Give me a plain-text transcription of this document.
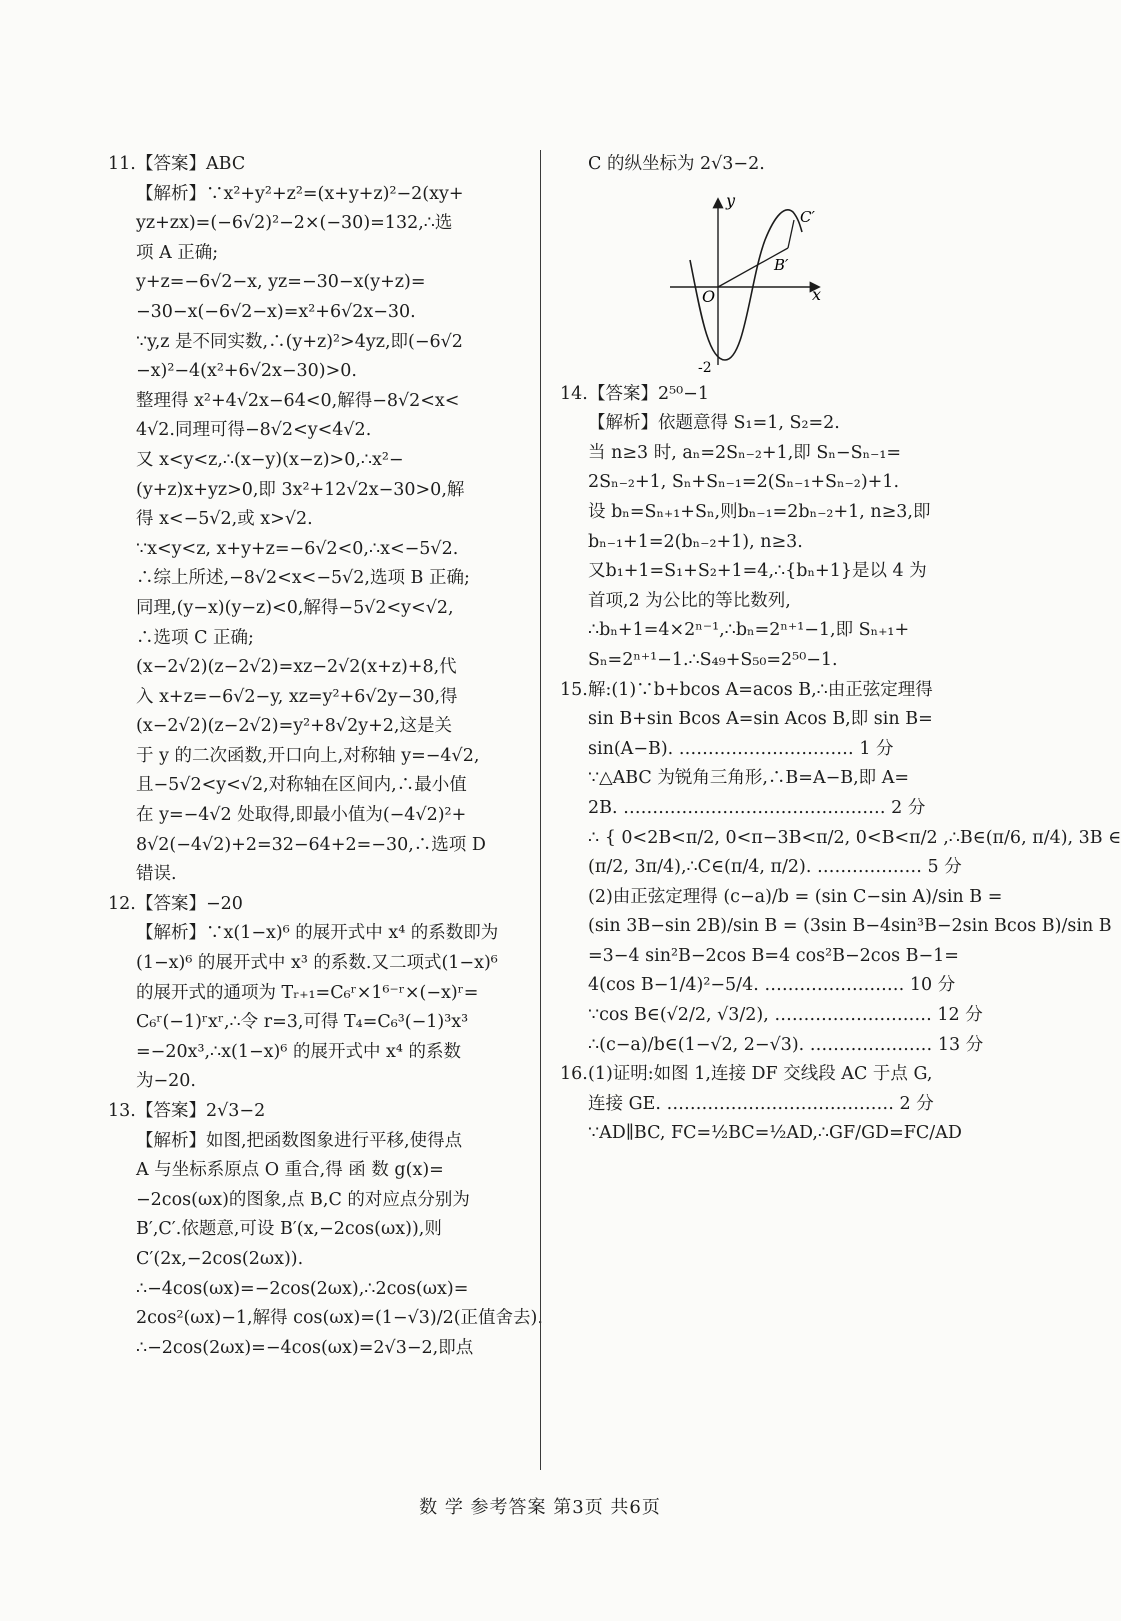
11.【答案】ABC
【解析】∵x²+y²+z²=(x+y+z)²−2(xy+
yz+zx)=(−6√2)²−2×(−30)=132,∴选
项 A 正确;
y+z=−6√2−x, yz=−30−x(y+z)=
−30−x(−6√2−x)=x²+6√2x−30.
∵y,z 是不同实数,∴(y+z)²>4yz,即(−6√2
−x)²−4(x²+6√2x−30)>0.
整理得 x²+4√2x−64<0,解得−8√2<x<
4√2.同理可得−8√2<y<4√2.
又 x<y<z,∴(x−y)(x−z)>0,∴x²−
(y+z)x+yz>0,即 3x²+12√2x−30>0,解
得 x<−5√2,或 x>√2.
∵x<y<z, x+y+z=−6√2<0,∴x<−5√2.
∴综上所述,−8√2<x<−5√2,选项 B 正确;
同理,(y−x)(y−z)<0,解得−5√2<y<√2,
∴选项 C 正确;
(x−2√2)(z−2√2)=xz−2√2(x+z)+8,代
入 x+z=−6√2−y, xz=y²+6√2y−30,得
(x−2√2)(z−2√2)=y²+8√2y+2,这是关
于 y 的二次函数,开口向上,对称轴 y=−4√2,
且−5√2<y<√2,对称轴在区间内,∴最小值
在 y=−4√2 处取得,即最小值为(−4√2)²+
8√2(−4√2)+2=32−64+2=−30,∴选项 D
错误.
12.【答案】−20
【解析】∵x(1−x)⁶ 的展开式中 x⁴ 的系数即为
(1−x)⁶ 的展开式中 x³ 的系数.又二项式(1−x)⁶
的展开式的通项为 Tᵣ₊₁=C₆ʳ×1⁶⁻ʳ×(−x)ʳ=
C₆ʳ(−1)ʳxʳ,∴令 r=3,可得 T₄=C₆³(−1)³x³
=−20x³,∴x(1−x)⁶ 的展开式中 x⁴ 的系数
为−20.
13.【答案】2√3−2
【解析】如图,把函数图象进行平移,使得点
A 与坐标系原点 O 重合,得 函 数 g(x)=
−2cos(ωx)的图象,点 B,C 的对应点分别为
B′,C′.依题意,可设 B′(x,−2cos(ωx)),则
C′(2x,−2cos(2ωx)).
∴−4cos(ωx)=−2cos(2ωx),∴2cos(ωx)=
2cos²(ωx)−1,解得 cos(ωx)=(1−√3)/2(正值舍去).
∴−2cos(2ωx)=−4cos(ωx)=2√3−2,即点
C 的纵坐标为 2√3−2.
y
x
O
B′
C′
-2
14.【答案】2⁵⁰−1
【解析】依题意得 S₁=1, S₂=2.
当 n≥3 时, aₙ=2Sₙ₋₂+1,即 Sₙ−Sₙ₋₁=
2Sₙ₋₂+1, Sₙ+Sₙ₋₁=2(Sₙ₋₁+Sₙ₋₂)+1.
设 bₙ=Sₙ₊₁+Sₙ,则bₙ₋₁=2bₙ₋₂+1, n≥3,即
bₙ₋₁+1=2(bₙ₋₂+1), n≥3.
又b₁+1=S₁+S₂+1=4,∴{bₙ+1}是以 4 为
首项,2 为公比的等比数列,
∴bₙ+1=4×2ⁿ⁻¹,∴bₙ=2ⁿ⁺¹−1,即 Sₙ₊₁+
Sₙ=2ⁿ⁺¹−1.∴S₄₉+S₅₀=2⁵⁰−1.
15.解:(1)∵b+bcos A=acos B,∴由正弦定理得
sin B+sin Bcos A=sin Acos B,即 sin B=
sin(A−B). ………………………… 1 分
∵△ABC 为锐角三角形,∴B=A−B,即 A=
2B. ……………………………………… 2 分
∴ { 0<2B<π/2, 0<π−3B<π/2, 0<B<π/2 ,∴B∈(π/6, π/4), 3B ∈
(π/2, 3π/4),∴C∈(π/4, π/2). ……………… 5 分
(2)由正弦定理得 (c−a)/b = (sin C−sin A)/sin B =
(sin 3B−sin 2B)/sin B = (3sin B−4sin³B−2sin Bcos B)/sin B
=3−4 sin²B−2cos B=4 cos²B−2cos B−1=
4(cos B−1/4)²−5/4. …………………… 10 分
∵cos B∈(√2/2, √3/2), ……………………… 12 分
∴(c−a)/b∈(1−√2, 2−√3). ………………… 13 分
16.(1)证明:如图 1,连接 DF 交线段 AC 于点 G,
连接 GE. ………………………………… 2 分
∵AD∥BC, FC=½BC=½AD,∴GF/GD=FC/AD
数 学 参考答案 第3页 共6页
